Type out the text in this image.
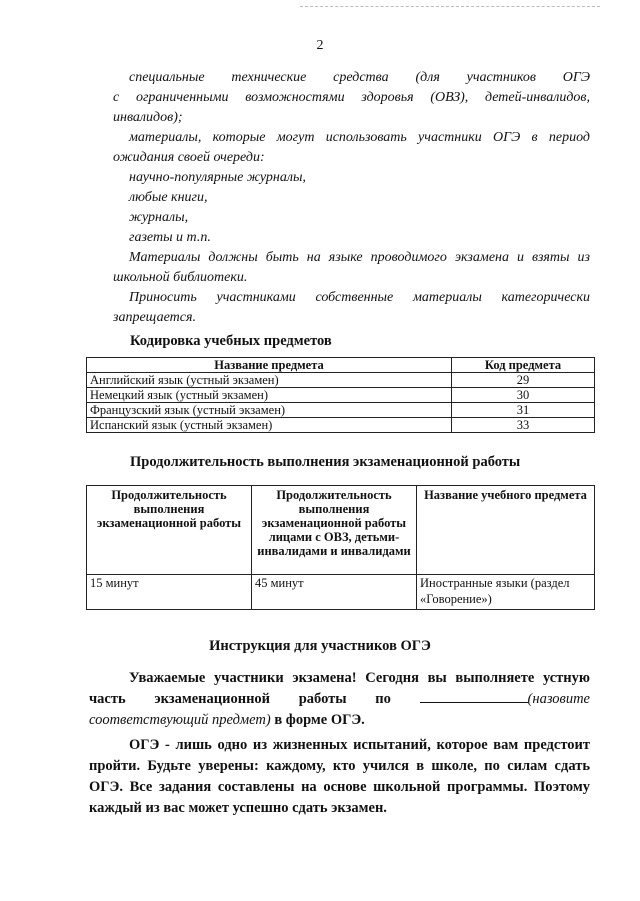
2

специальные технические средства (для участников ОГЭ

с ограниченными возможностями здоровья (ОВЗ), детей-инвалидов,

инвалидов);

материалы, которые могут использовать участники ОГЭ в период

ожидания своей очереди:

научно-популярные журналы,

любые книги,

журналы,

газеты и т.п.

Материалы должны быть на языке проводимого экзамена и взяты из

школьной библиотеки.

Приносить участниками собственные материалы категорически

запрещается.

Кодировка учебных предметов
Название предмета	Код предмета
Английский язык (устный экзамен)	29
Немецкий язык (устный экзамен)	30
Французский язык (устный экзамен)	31
Испанский язык (устный экзамен)	33
Продолжительность выполнения экзаменационной работы
Продолжительность выполнения экзаменационной работы	Продолжительность выполнения экзаменационной работы лицами с ОВЗ, детьми-инвалидами и инвалидами	Название учебного предмета
15 минут	45 минут	Иностранные языки (раздел «Говорение»)
Инструкция для участников ОГЭ

Уважаемые участники экзамена! Сегодня вы выполняете устную

часть экзаменационной работы по	(назовите

соответствующий предмет) в форме ОГЭ.

ОГЭ - лишь одно из жизненных испытаний, которое вам предстоит

пройти. Будьте уверены: каждому, кто учился в школе, по силам сдать

ОГЭ. Все задания составлены на основе школьной программы. Поэтому

каждый из вас может успешно сдать экзамен.
